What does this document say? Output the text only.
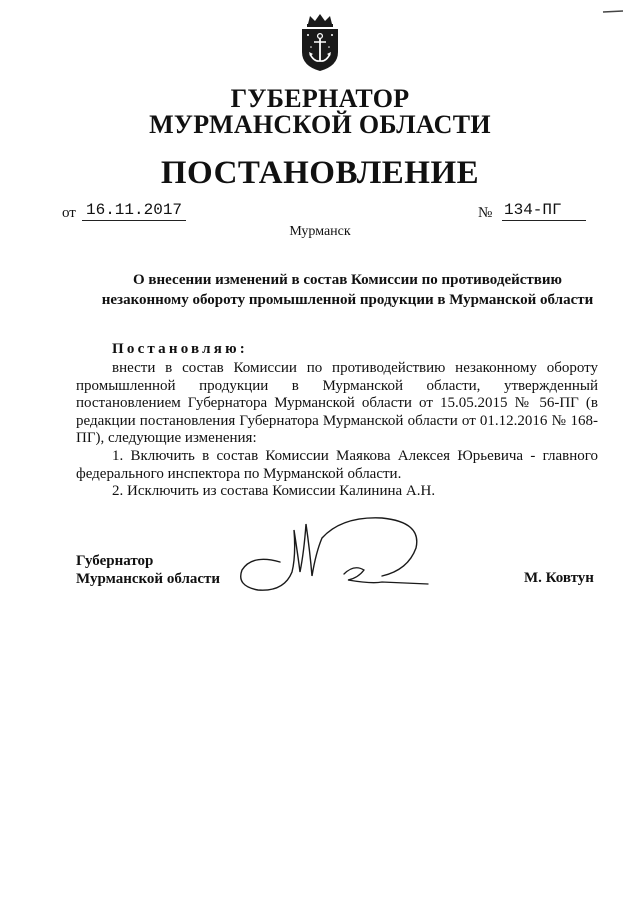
ГУБЕРНАТОР
МУРМАНСКОЙ ОБЛАСТИ
ПОСТАНОВЛЕНИЕ
от 16.11.2017	№ 134-ПГ
Мурманск
О внесении изменений в состав Комиссии по противодействию
незаконному обороту промышленной продукции в Мурманской области
Постановляю:

внести в состав Комиссии по противодействию незаконному обороту промышленной продукции в Мурманской области, утвержденный постановлением Губернатора Мурманской области от 15.05.2015 № 56-ПГ (в редакции постановления Губернатора Мурманской области от 01.12.2016 № 168-ПГ), следующие изменения:

1. Включить в состав Комиссии Маякова Алексея Юрьевича - главного федерального инспектора по Мурманской области.

2. Исключить из состава Комиссии Калинина А.Н.

Губернатор
Мурманской области	М. Ковтун
